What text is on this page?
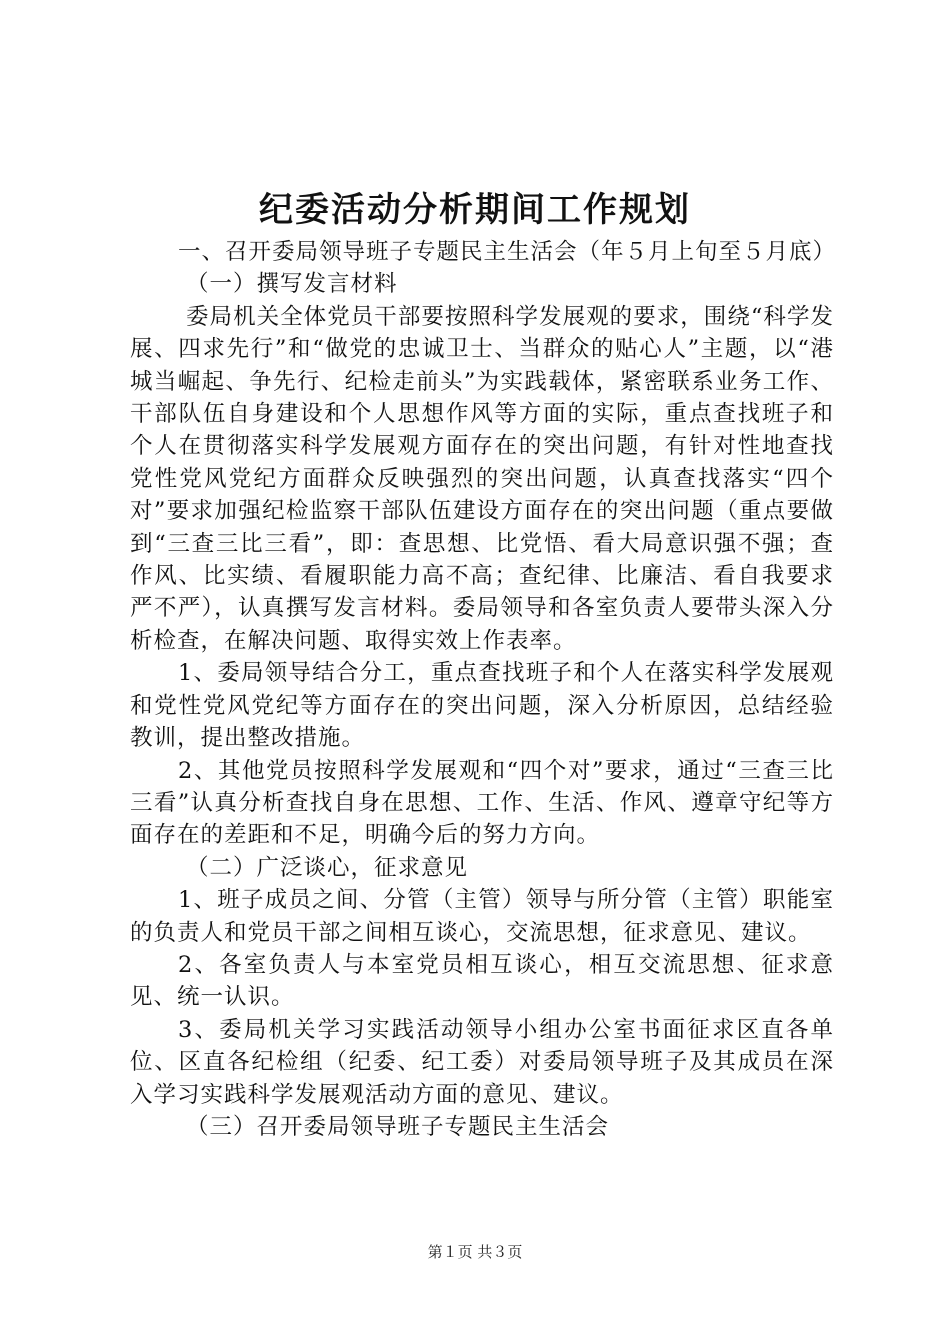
纪委活动分析期间工作规划

一、召开委局领导班子专题民主生活会（年５月上旬至５月底）

（一）撰写发言材料

委局机关全体党员干部要按照科学发展观的要求，围绕“科学发展、四求先行”和“做党的忠诚卫士、当群众的贴心人”主题，以“港城当崛起、争先行、纪检走前头”为实践载体，紧密联系业务工作、干部队伍自身建设和个人思想作风等方面的实际，重点查找班子和个人在贯彻落实科学发展观方面存在的突出问题，有针对性地查找党性党风党纪方面群众反映强烈的突出问题，认真查找落实“四个对”要求加强纪检监察干部队伍建设方面存在的突出问题（重点要做到“三查三比三看”，即：查思想、比党悟、看大局意识强不强；查作风、比实绩、看履职能力高不高；查纪律、比廉洁、看自我要求严不严），认真撰写发言材料。委局领导和各室负责人要带头深入分析检查，在解决问题、取得实效上作表率。

1、委局领导结合分工，重点查找班子和个人在落实科学发展观和党性党风党纪等方面存在的突出问题，深入分析原因，总结经验教训，提出整改措施。

2、其他党员按照科学发展观和“四个对”要求，通过“三查三比三看”认真分析查找自身在思想、工作、生活、作风、遵章守纪等方面存在的差距和不足，明确今后的努力方向。

（二）广泛谈心，征求意见

1、班子成员之间、分管（主管）领导与所分管（主管）职能室的负责人和党员干部之间相互谈心，交流思想，征求意见、建议。

2、各室负责人与本室党员相互谈心，相互交流思想、征求意见、统一认识。

3、委局机关学习实践活动领导小组办公室书面征求区直各单位、区直各纪检组（纪委、纪工委）对委局领导班子及其成员在深入学习实践科学发展观活动方面的意见、建议。

（三）召开委局领导班子专题民主生活会

第１页 共３页
